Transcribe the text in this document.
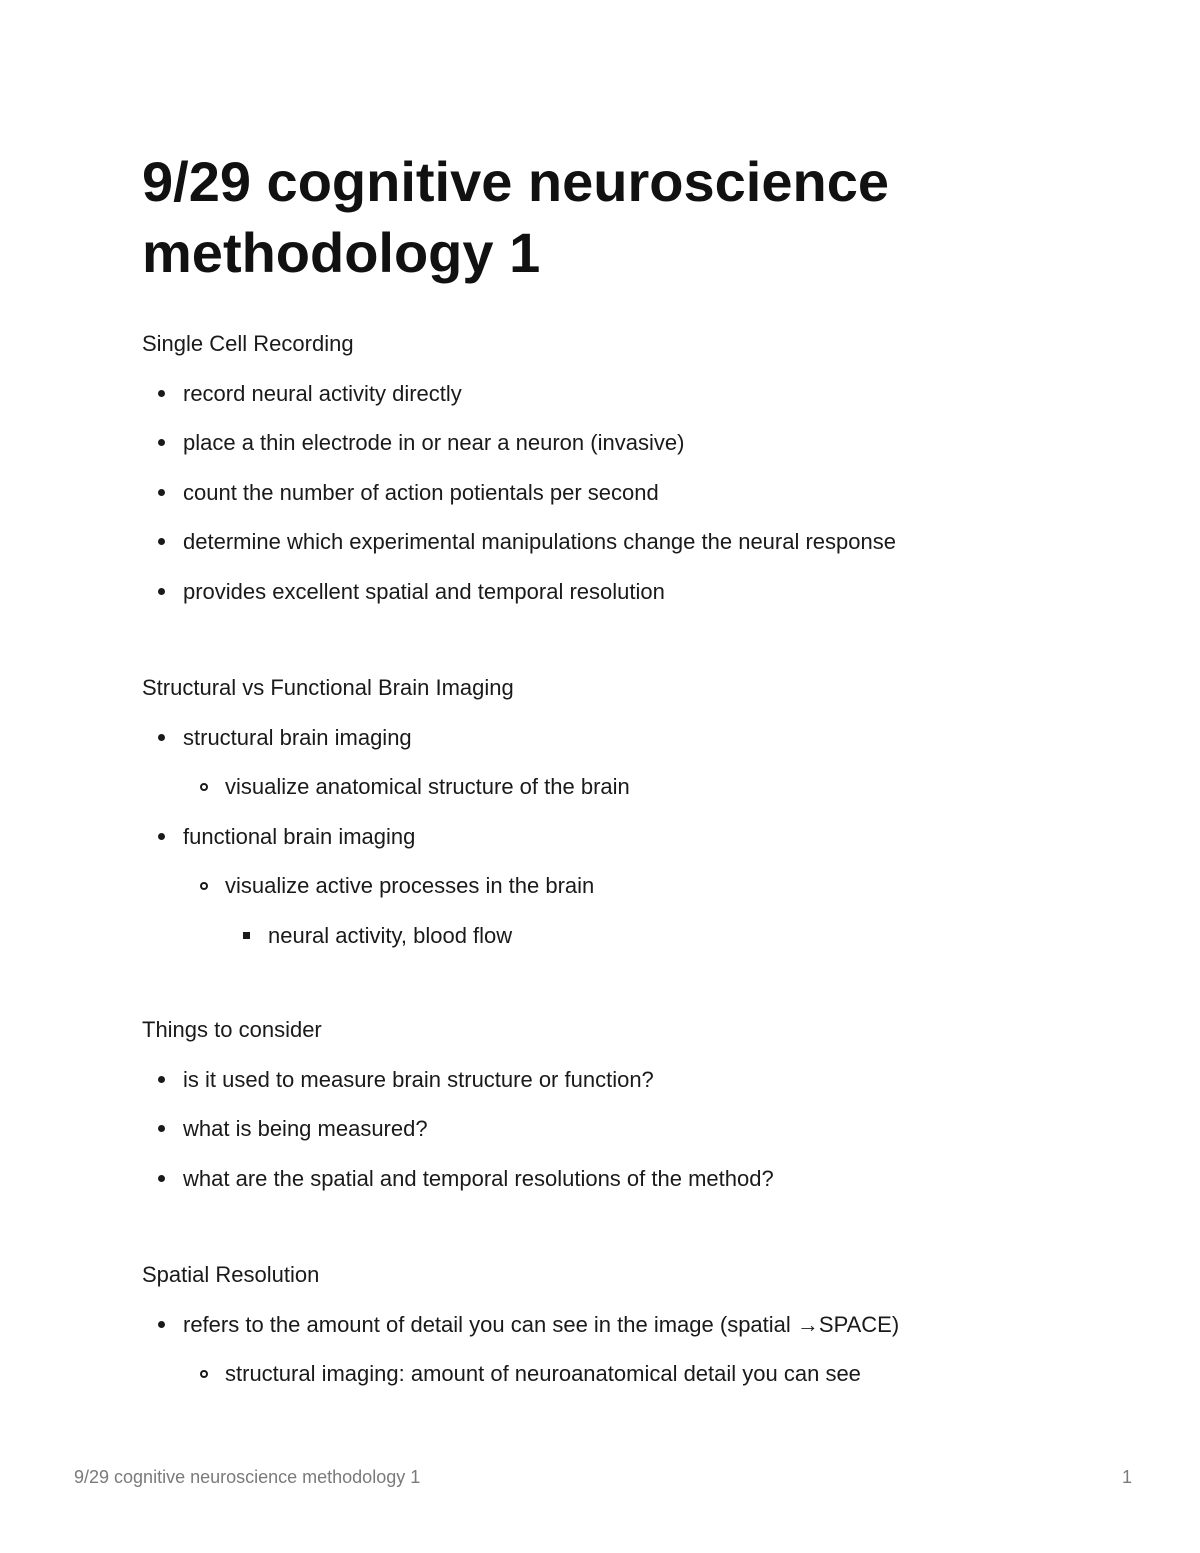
9/29 cognitive neuroscience methodology 1

Single Cell Recording

record neural activity directly
place a thin electrode in or near a neuron (invasive)
count the number of action potientals per second
determine which experimental manipulations change the neural response
provides excellent spatial and temporal resolution

Structural vs Functional Brain Imaging

structural brain imaging
visualize anatomical structure of the brain
functional brain imaging
visualize active processes in the brain
neural activity, blood flow

Things to consider

is it used to measure brain structure or function?
what is being measured?
what are the spatial and temporal resolutions of the method?

Spatial Resolution

refers to the amount of detail you can see in the image (spatial →SPACE)
structural imaging: amount of neuroanatomical detail you can see
9/29 cognitive neuroscience methodology 1	1
